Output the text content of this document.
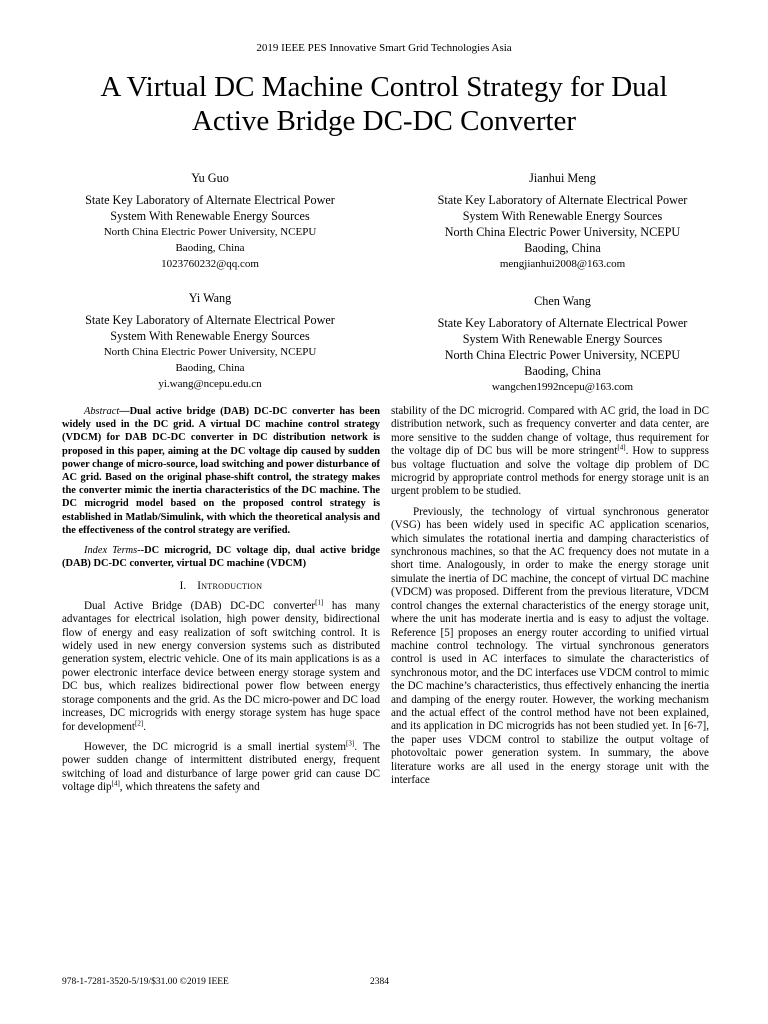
2019 IEEE PES Innovative Smart Grid Technologies Asia
A Virtual DC Machine Control Strategy for Dual
Active Bridge DC-DC Converter
Yu Guo
State Key Laboratory of Alternate Electrical Power
System With Renewable Energy Sources
North China Electric Power University, NCEPU
Baoding, China
1023760232@qq.com
Jianhui Meng
State Key Laboratory of Alternate Electrical Power
System With Renewable Energy Sources
North China Electric Power University, NCEPU
Baoding, China
mengjianhui2008@163.com
Yi Wang
State Key Laboratory of Alternate Electrical Power
System With Renewable Energy Sources
North China Electric Power University, NCEPU
Baoding, China
yi.wang@ncepu.edu.cn
Chen Wang
State Key Laboratory of Alternate Electrical Power
System With Renewable Energy Sources
North China Electric Power University, NCEPU
Baoding, China
wangchen1992ncepu@163.com

Abstract—Dual active bridge (DAB) DC-DC converter has been widely used in the DC grid. A virtual DC machine control strategy (VDCM) for DAB DC-DC converter in DC distribution network is proposed in this paper, aiming at the DC voltage dip caused by sudden power change of micro-source, load switching and power disturbance of AC grid. Based on the original phase-shift control, the strategy makes the converter mimic the inertia characteristics of the DC machine. The DC microgrid model based on the proposed control strategy is established in Matlab/Simulink, with which the theoretical analysis and the effectiveness of the control strategy are verified.

Index Terms--DC microgrid, DC voltage dip, dual active bridge (DAB) DC-DC converter, virtual DC machine (VDCM)

I. Introduction

Dual Active Bridge (DAB) DC-DC converter[1] has many advantages for electrical isolation, high power density, bidirectional flow of energy and easy realization of soft switching control. It is widely used in new energy conversion systems such as distributed generation system, electric vehicle. One of its main applications is as a power electronic interface device between energy storage system and DC bus, which realizes bidirectional power flow between energy storage components and the grid. As the DC micro-power and DC load increases, DC microgrids with energy storage system has huge space for development[2].

However, the DC microgrid is a small inertial system[3]. The power sudden change of intermittent distributed energy, frequent switching of load and disturbance of large power grid can cause DC voltage dip[4], which threatens the safety and

stability of the DC microgrid. Compared with AC grid, the load in DC distribution network, such as frequency converter and data center, are more sensitive to the sudden change of voltage, thus requirement for the voltage dip of DC bus will be more stringent[4]. How to suppress bus voltage fluctuation and solve the voltage dip problem of DC microgrid by appropriate control methods for energy storage unit is an urgent problem to be studied.

Previously, the technology of virtual synchronous generator (VSG) has been widely used in specific AC application scenarios, which simulates the rotational inertia and damping characteristics of synchronous machines, so that the AC frequency does not mutate in a short time. Analogously, in order to make the energy storage unit simulate the inertia of DC machine, the concept of virtual DC machine (VDCM) was proposed. Different from the previous literature, VDCM control changes the external characteristics of the energy storage unit, where the unit has moderate inertia and is easy to adjust the voltage. Reference [5] proposes an energy router according to unified virtual machine control technology. The virtual synchronous generators control is used in AC interfaces to simulate the characteristics of synchronous motor, and the DC interfaces use VDCM control to mimic the DC machine’s characteristics, thus effectively enhancing the inertia and damping of the energy router. However, the working mechanism and the actual effect of the control method have not been explained, and its application in DC microgrids has not been studied yet. In [6-7], the paper uses VDCM control to stabilize the output voltage of photovoltaic power generation system. In summary, the above literature works are all used in the energy storage unit with the interface

978-1-7281-3520-5/19/$31.00 ©2019 IEEE	2384
